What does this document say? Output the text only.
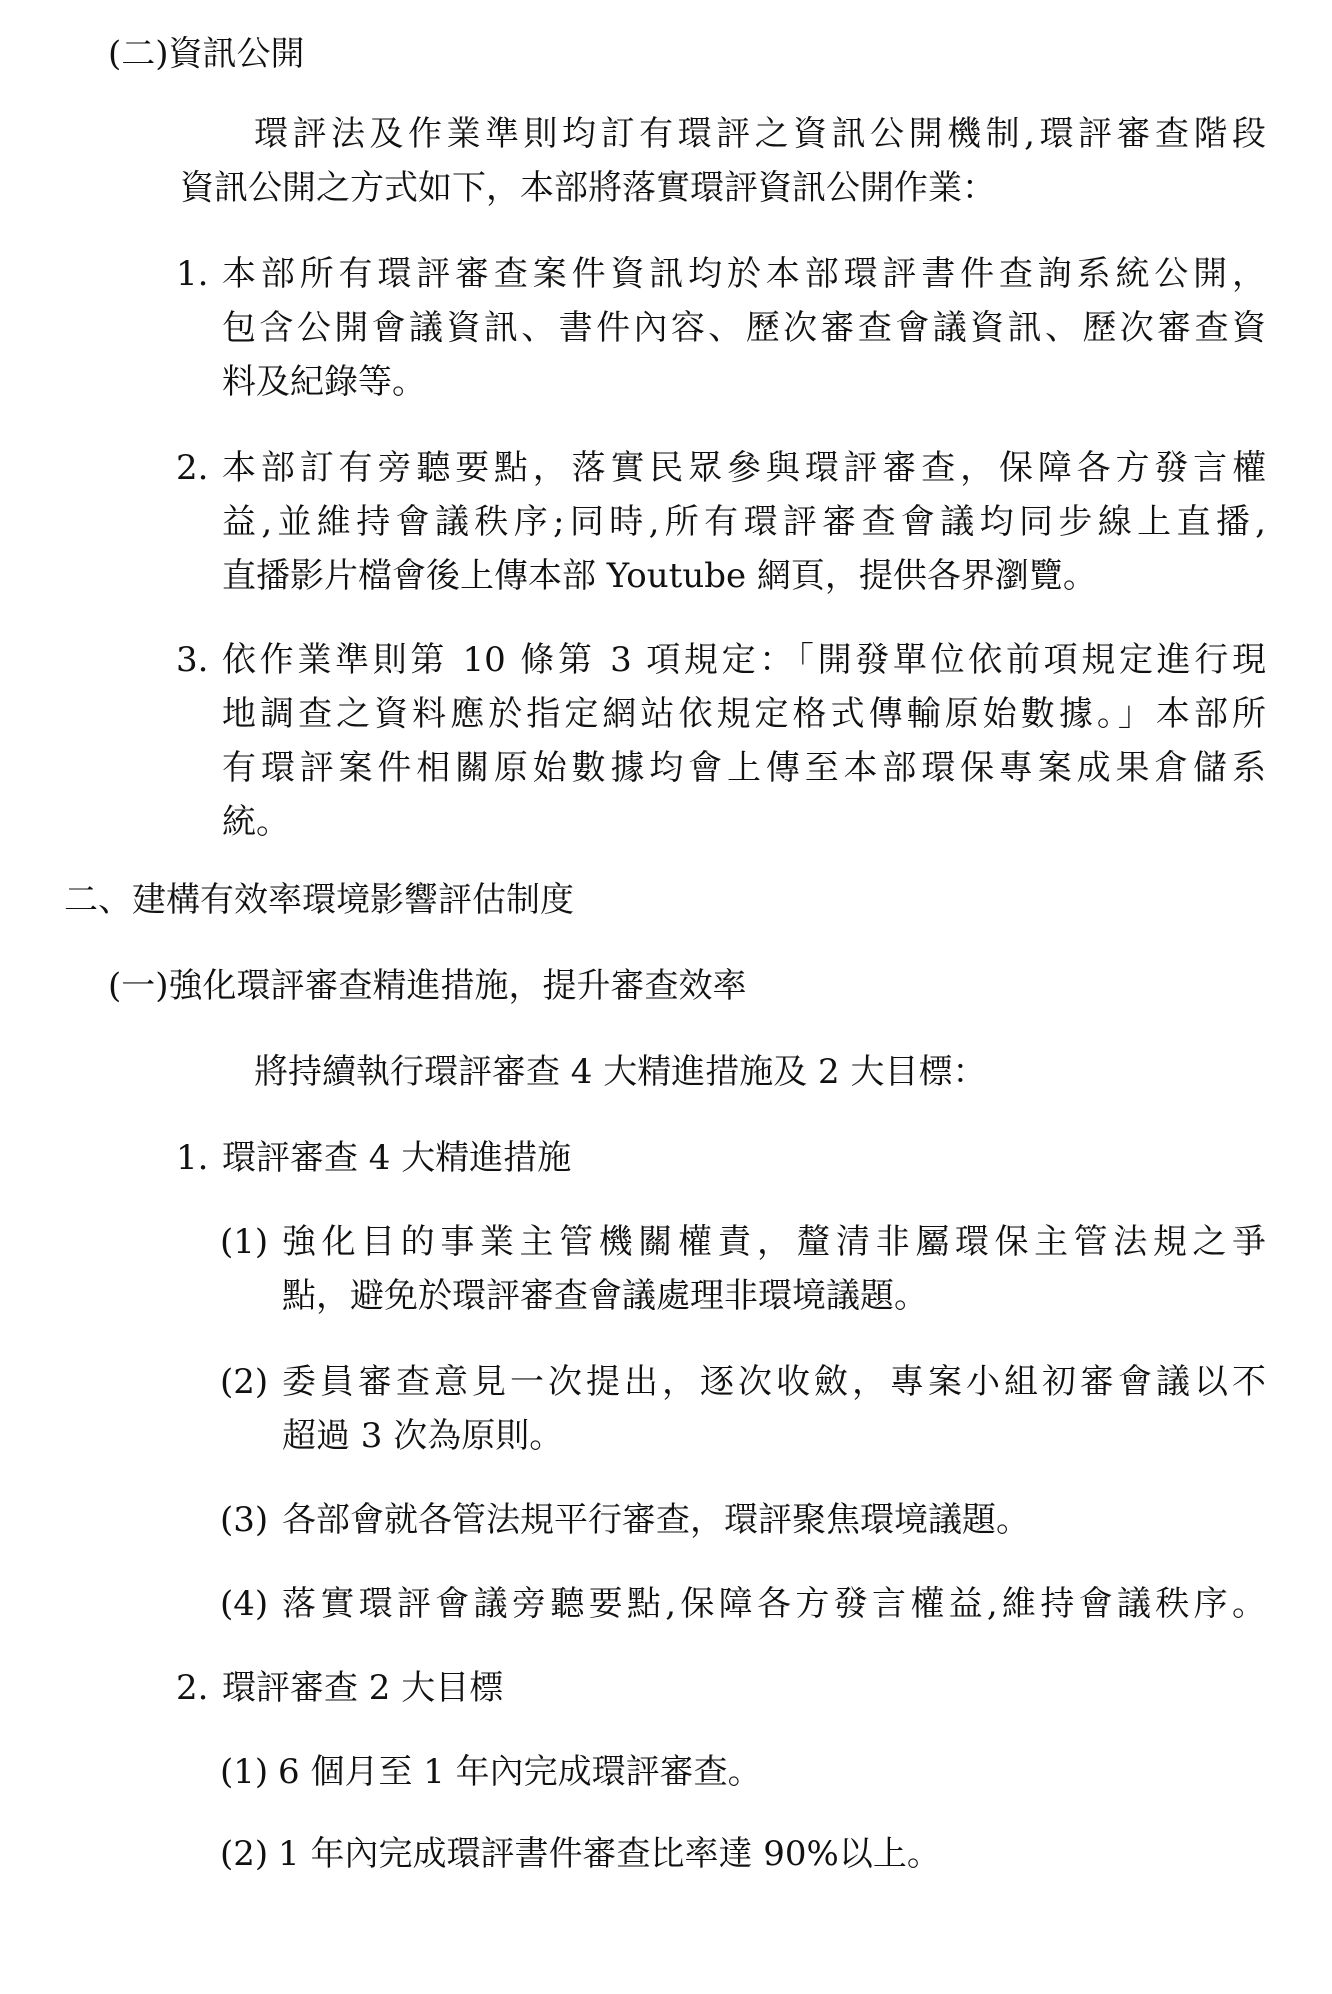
(二)資訊公開
環評法及作業準則均訂有環評之資訊公開機制,環評審查階段
資訊公開之方式如下，本部將落實環評資訊公開作業：
1. 本部所有環評審查案件資訊均於本部環評書件查詢系統公開，
包含公開會議資訊、書件內容、歷次審查會議資訊、歷次審查資
料及紀錄等。
2. 本部訂有旁聽要點，落實民眾參與環評審查，保障各方發言權
益,並維持會議秩序;同時,所有環評審查會議均同步線上直播,
直播影片檔會後上傳本部 Youtube 網頁，提供各界瀏覽。
3. 依作業準則第 10 條第 3 項規定：「開發單位依前項規定進行現
地調查之資料應於指定網站依規定格式傳輸原始數據。」本部所
有環評案件相關原始數據均會上傳至本部環保專案成果倉儲系
統。
二、建構有效率環境影響評估制度
(一)強化環評審查精進措施，提升審查效率
將持續執行環評審查 4 大精進措施及 2 大目標：
1. 環評審查 4 大精進措施
(1) 強化目的事業主管機關權責，釐清非屬環保主管法規之爭
點，避免於環評審查會議處理非環境議題。
(2) 委員審查意見一次提出，逐次收斂，專案小組初審會議以不
超過 3 次為原則。
(3) 各部會就各管法規平行審查，環評聚焦環境議題。
(4) 落實環評會議旁聽要點,保障各方發言權益,維持會議秩序。
2. 環評審查 2 大目標
(1) 6 個月至 1 年內完成環評審查。
(2) 1 年內完成環評書件審查比率達 90%以上。
